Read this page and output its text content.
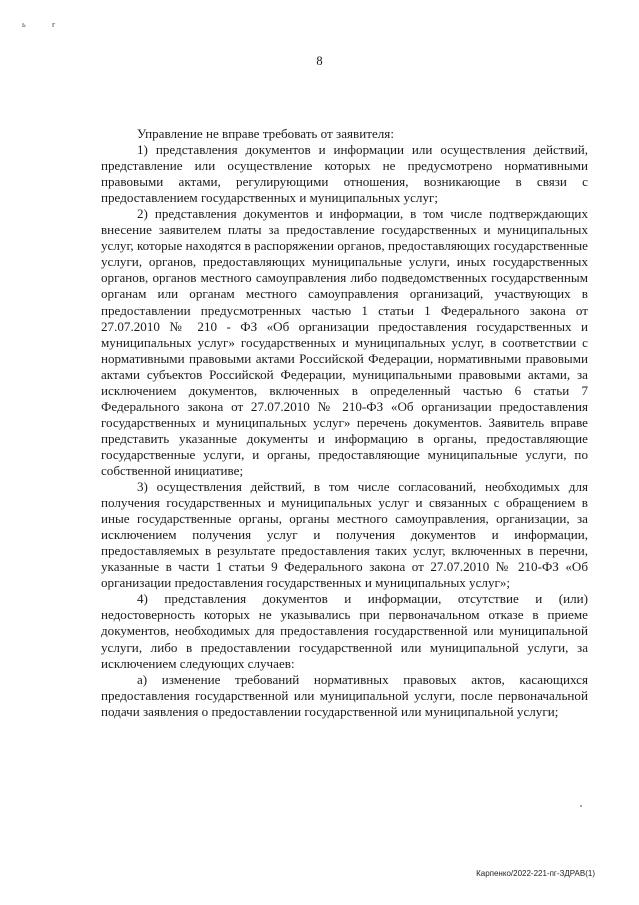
ь	ғ
8

Управление не вправе требовать от заявителя:

1) представления документов и информации или осуществления действий, представление или осуществление которых не предусмотрено нормативными правовыми актами, регулирующими отношения, возникающие в связи с предоставлением государственных и муниципальных услуг;

2) представления документов и информации, в том числе подтверждающих внесение заявителем платы за предоставление государственных и муниципальных услуг, которые находятся в распоряжении органов, предоставляющих государственные услуги, органов, предоставляющих муниципальные услуги, иных государственных органов, органов местного самоуправления либо подведомственных государственным органам или органам местного самоуправления организаций, участвующих в предоставлении предусмотренных частью 1 статьи 1 Федерального закона от 27.07.2010 № 210 - ФЗ «Об организации предоставления государственных и муниципальных услуг» государственных и муниципальных услуг, в соответствии с нормативными правовыми актами Российской Федерации, нормативными правовыми актами субъектов Российской Федерации, муниципальными правовыми актами, за исключением документов, включенных в определенный частью 6 статьи 7 Федерального закона от 27.07.2010 № 210-ФЗ «Об организации предоставления государственных и муниципальных услуг» перечень документов. Заявитель вправе представить указанные документы и информацию в органы, предоставляющие государственные услуги, и органы, предоставляющие муниципальные услуги, по собственной инициативе;

3) осуществления действий, в том числе согласований, необходимых для получения государственных и муниципальных услуг и связанных с обращением в иные государственные органы, органы местного самоуправления, организации, за исключением получения услуг и получения документов и информации, предоставляемых в результате предоставления таких услуг, включенных в перечни, указанные в части 1 статьи 9 Федерального закона от 27.07.2010 № 210-ФЗ «Об организации предоставления государственных и муниципальных услуг»;

4) представления документов и информации, отсутствие и (или) недостоверность которых не указывались при первоначальном отказе в приеме документов, необходимых для предоставления государственной или муниципальной услуги, либо в предоставлении государственной или муниципальной услуги, за исключением следующих случаев:

а) изменение требований нормативных правовых актов, касающихся предоставления государственной или муниципальной услуги, после первоначальной подачи заявления о предоставлении государственной или муниципальной услуги;

Карпенко/2022-221-пг-ЗДРАВ(1)
